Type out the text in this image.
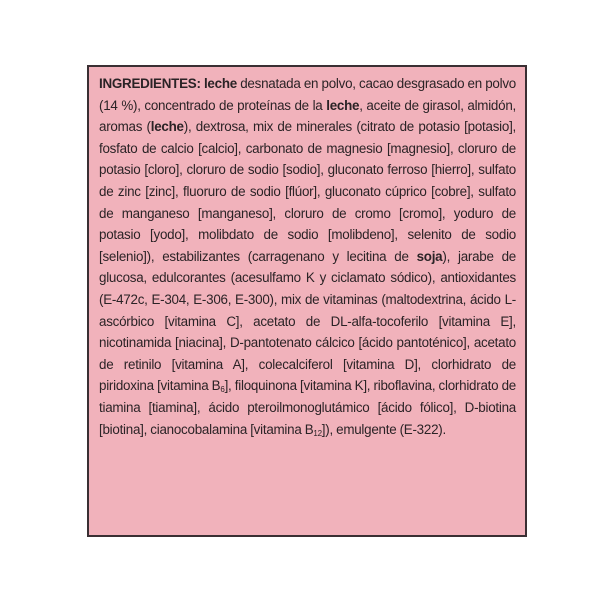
INGREDIENTES: leche desnatada en polvo, cacao desgrasado en polvo (14 %), concentrado de proteínas de la leche, aceite de girasol, almidón, aromas (leche), dextrosa, mix de minerales (citrato de potasio [potasio], fosfato de calcio [calcio], carbonato de magnesio [magnesio], cloruro de potasio [cloro], cloruro de sodio [sodio], gluconato ferroso [hierro], sulfato de zinc [zinc], fluoruro de sodio [flúor], gluconato cúprico [cobre], sulfato de manganeso [manganeso], cloruro de cromo [cromo], yoduro de potasio [yodo], molibdato de sodio [molibdeno], selenito de sodio [selenio]), estabilizantes (carragenano y lecitina de soja), jarabe de glucosa, edulcorantes (acesulfamo K y ciclamato sódico), antioxidantes (E-472c, E-304, E-306, E-300), mix de vitaminas (maltodextrina, ácido L-ascórbico [vitamina C], acetato de DL-alfa-tocoferilo [vitamina E], nicotinamida [niacina], D-pantotenato cálcico [ácido pantoténico], acetato de retinilo [vitamina A], colecalciferol [vitamina D], clorhidrato de piridoxina [vitamina $B_6$], filoquinona [vitamina K], riboflavina, clorhidrato de tiamina [tiamina], ácido pteroilmonoglutámico [ácido fólico], D-biotina [biotina], cianocobalamina [vitamina $B_{12}$]), emulgente (E-322).
